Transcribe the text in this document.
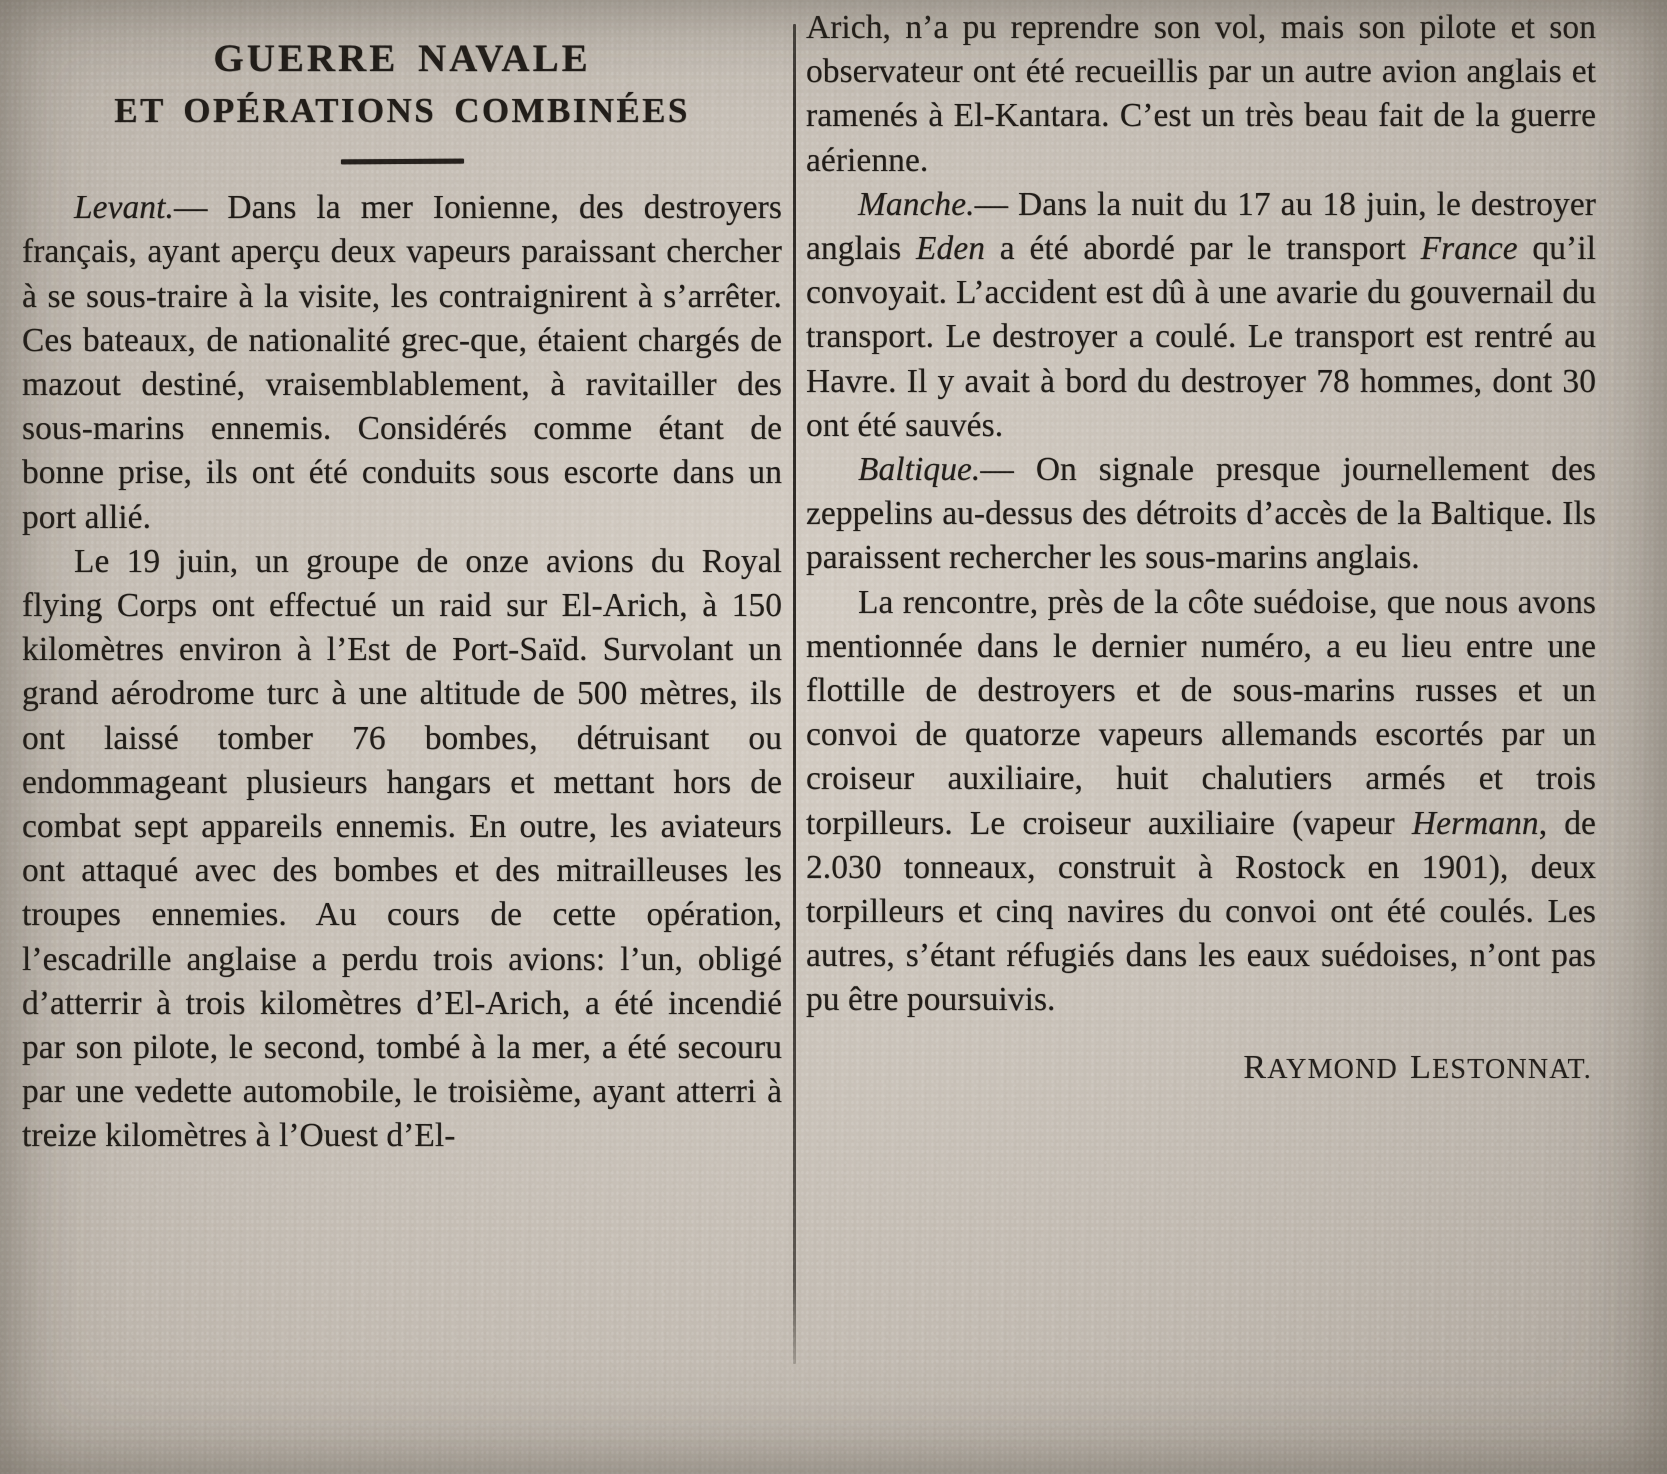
GUERRE NAVALE
ET OPÉRATIONS COMBINÉES

Levant.— Dans la mer Ionienne, des destroyers français, ayant aperçu deux vapeurs paraissant chercher à se sous-traire à la visite, les contraignirent à s’arrêter. Ces bateaux, de nationalité grec-que, étaient chargés de mazout destiné, vraisemblablement, à ravitailler des sous-marins ennemis. Considérés comme étant de bonne prise, ils ont été conduits sous escorte dans un port allié.

Le 19 juin, un groupe de onze avions du Royal flying Corps ont effectué un raid sur El-Arich, à 150 kilomètres environ à l’Est de Port-Saïd. Survolant un grand aérodrome turc à une altitude de 500 mètres, ils ont laissé tomber 76 bombes, détruisant ou endommageant plusieurs hangars et mettant hors de combat sept appareils ennemis. En outre, les aviateurs ont attaqué avec des bombes et des mitrailleuses les troupes ennemies. Au cours de cette opération, l’escadrille anglaise a perdu trois avions: l’un, obligé d’atterrir à trois kilomètres d’El-Arich, a été incendié par son pilote, le second, tombé à la mer, a été secouru par une vedette automobile, le troisième, ayant atterri à treize kilomètres à l’Ouest d’El-

Arich, n’a pu reprendre son vol, mais son pilote et son observateur ont été recueillis par un autre avion anglais et ramenés à El-Kantara. C’est un très beau fait de la guerre aérienne.

Manche.— Dans la nuit du 17 au 18 juin, le destroyer anglais Eden a été abordé par le transport France qu’il convoyait. L’accident est dû à une avarie du gouvernail du transport. Le destroyer a coulé. Le transport est rentré au Havre. Il y avait à bord du destroyer 78 hommes, dont 30 ont été sauvés.

Baltique.— On signale presque journellement des zeppelins au-dessus des détroits d’accès de la Baltique. Ils paraissent rechercher les sous-marins anglais.

La rencontre, près de la côte suédoise, que nous avons mentionnée dans le dernier numéro, a eu lieu entre une flottille de destroyers et de sous-marins russes et un convoi de quatorze vapeurs allemands escortés par un croiseur auxiliaire, huit chalutiers armés et trois torpilleurs. Le croiseur auxiliaire (vapeur Hermann, de 2.030 tonneaux, construit à Rostock en 1901), deux torpilleurs et cinq navires du convoi ont été coulés. Les autres, s’étant réfugiés dans les eaux suédoises, n’ont pas pu être poursuivis.

RAYMOND LESTONNAT.
